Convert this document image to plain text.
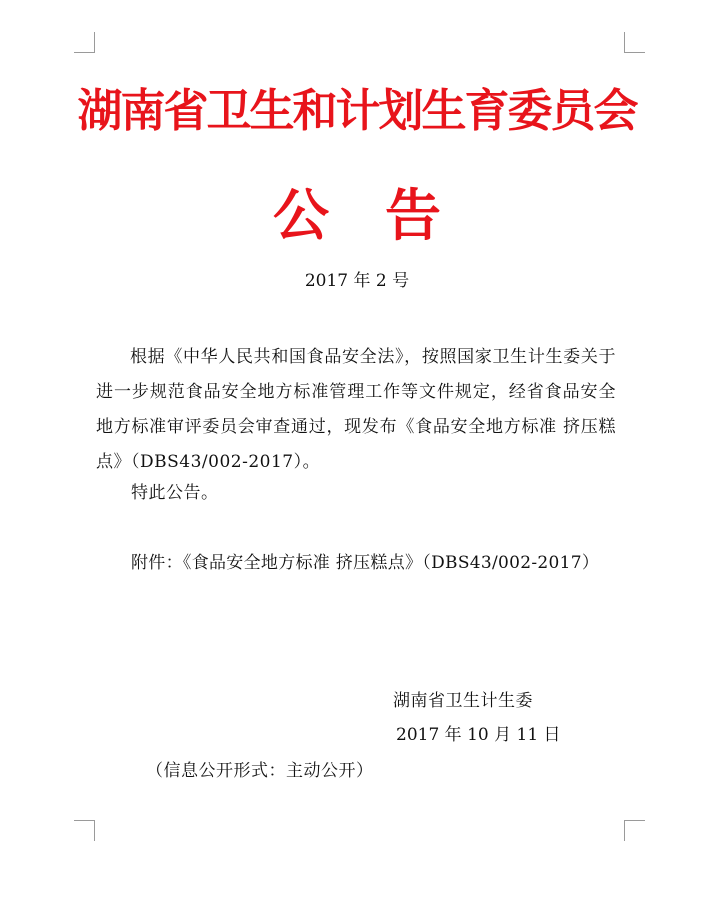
湖南省卫生和计划生育委员会
公　告
2017 年 2 号

根据《中华人民共和国食品安全法》，按照国家卫生计生委关于进一步规范食品安全地方标准管理工作等文件规定，经省食品安全地方标准审评委员会审查通过，现发布《食品安全地方标准 挤压糕点》（DBS43/002-2017）。

特此公告。
附件：《食品安全地方标准 挤压糕点》（DBS43/002-2017）
湖南省卫生计生委
2017 年 10 月 11 日
（信息公开形式：主动公开）
